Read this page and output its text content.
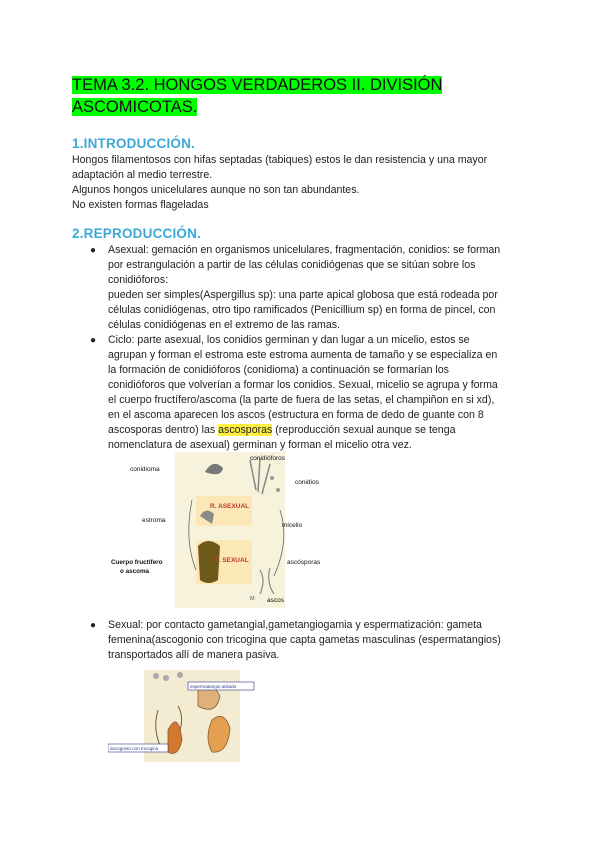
TEMA 3.2. HONGOS VERDADEROS II. DIVISIÓN ASCOMICOTAS.
1.INTRODUCCIÓN.

Hongos filamentosos con hifas septadas (tabiques) estos le dan resistencia y una mayor

adaptación al medio terrestre.

Algunos hongos unicelulares aunque no son tan abundantes.

No existen formas flageladas

2.REPRODUCCIÓN.
● Asexual: gemación en organismos unicelulares, fragmentación, conidios: se forman

por estrangulación a partir de las células conidiógenas que se sitúan sobre los

conidióforos:

pueden ser simples(Aspergillus sp): una parte apical globosa que está rodeada por

células conidiógenas, otro tipo ramificados (Penicillium sp) en forma de pincel, con

células conidiógenas en el extremo de las ramas.

● Ciclo: parte asexual, los conidios germinan y dan lugar a un micelio, estos se

agrupan y forman el estroma este estroma aumenta de tamaño y se especializa en

la formación de conidióforos (conidioma) a continuación se formarían los

conidióforos que volverían a formar los conidios. Sexual, micelio se agrupa y forma

el cuerpo fructífero/ascoma (la parte de fuera de las setas, el champiñon en si xd),

en el ascoma aparecen los ascos (estructura en forma de dedo de guante con 8

ascosporas dentro) las ascosporas (reproducción sexual aunque se tenga

nomenclatura de asexual) germinan y forman el micelio otra vez.

conidióforos
conidioma
conidios
R. ASEXUAL
estroma
micelio
Cuerpo fructífero
o ascoma
R. SEXUAL	ascósporas
ascos
M
● Sexual: por contacto gametangial,gametangiogamia y espermatización: gameta

femenina(ascogonio con tricogina que capta gametas masculinas (espermatangios)

transportados allí de manera pasiva.

espermatangio aislado
ascogonio con tricogina
